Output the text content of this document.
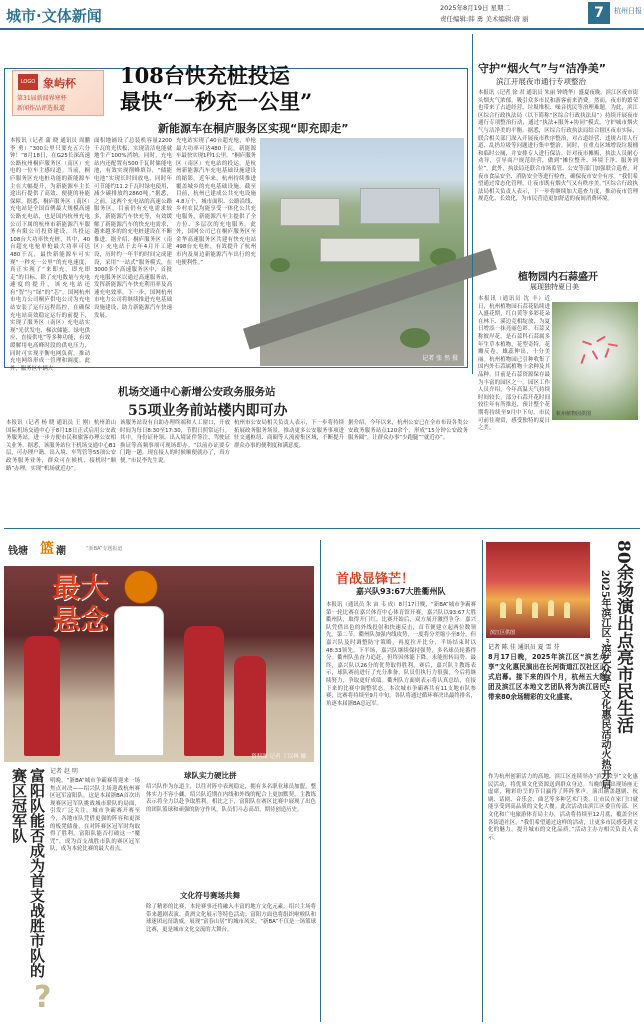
城市·文体新闻	2025年8月19日 星期二
责任编辑:韩 勇 美术编辑:唐 丽	7	杭州日报
LOGO 象屿杯
第31届新闻界寒杯
新闻作品评选报道
108台快充桩投运
最快“一秒充一公里”
新能源车在桐庐服务区实现“即充即走”
本报讯（记者 蒲 晓 通讯员 周鹏 李 勇）“300公里只要充五六分钟！”8月18日，在G25长深高速公路杭州桐庐服务区（南区）充电的一位车主感叹道。当前，桐庐服务区充电桩功能的新能源车主在大幅提升，为新能源车主长途出行提供了高效、便捷的补能保障。据悉，桐庐服务区（南区）充电站是全国首例最大规模高速公路充电站，也是国内杭州充电公司下属的杭州市新能源汽车服务有限公司投资建设，共投运108台大功率快充桩，其中，40台超充电枪单枪最大功率可达480千瓦，最快新能源车可实现“一秒充一公里”的充电速度，真正实现了“来即充，即充即走”的目标。除了充电数量与充电速度的提升，该充电站还有“智”与“绿”的“芯”。国网杭州市电力公司桐庐供电公司为充电站安装了运行远程监控，在确保充电站高效稳定运行的前提下，实现了服务区（南区）充电站实现“光伏发电、梯次储能、绿电供应、直接供电”等多种功能，有效缓解用电高峰时段的供电压力，同时可实现平衡电网负荷，推动充电网络形成一管理和调度。此外，服务区车辆大
面积地铺设了总装机容量2200千瓦的光伏板，实现清洁电能就地生产100%消纳。同时，充电站内还配置有500千瓦时储能电池，有效实现削峰填谷，“储能电池”实现长时间放电，同时年可节能约11.2千瓦时绿电使用，减少碳排放约2860吨。”据悉，之前，这两个充电站的高速公路服务区，目前仍有充电需求较多，新能源汽车快充等，有效缓解了新能源汽车的快充电需求，越来越多的的充电桩建设在不断推进。据介绍，桐庐服务区（南区）充电站于去年4月开工建设，历时约一年半的时间完成建设，采用“一站式”服务模式，在3000多个高速服务区中，首批充电服务区以通过高速服务站，发挥新能源汽车快充利用率及高速充电效率。下一步，国网杭州市电力公司将继续推进充电基础设施建设，助力新能源汽车快速发展。
充电站实现了40台超充枪，单枪最大功率可达480千瓦，新能源车最快实现1秒1公里。“桐庐服务区（南区）充电站的投运，是杭州新能源汽车充电基础设施建设的缩影。近年来，杭州持续推进覆盖城乡的充电基础设施，截至目前，杭州已建成公共充电设施4.8万个，城市面积、公路沿线、乡村农民均能享受一体化公共充电服务，新能源汽车主提供了全方位、多层次的充电服务。此外，国网公司已在桐庐服务区至金华高速服务区共建有快充电站498台充电桩，有效提升了杭州市内及周边新能源汽车出行的充电便利性。”
记者 张 然 摄
守护“烟火气”与“洁净美”
滨江开展夜市通行专项整治
本报讯（记者 徐 君 通讯员 朱丽 钟晓华）盛夏夜晚，滨江区夜市街头烟火气浓郁，吸引众多市民和游客前来消费。然而，夜市的繁荣也带来了占道经营、垃圾堆积、噪音扰民等治理难题。为此，滨江区综合行政执法局（以下简称“区综合行政执法局”）持续开展夜市通行专项整治行动，通过“执法+服务+协同”模式，守护城市烟火气与洁净美的平衡。据悉，区综合行政执法局结合辖区夜市实际，联合相关部门深入开展夜市秩序整治，对占道经营、违规占用人行道、乱扔垃圾等问题进行集中整治。同时，在重点区域增设垃圾桶和临时公厕，并安排专人进行保洁。针对夜市摊贩，执法人员耐心劝导，引导商户规范经营，做到“摊位整齐、环境干净、服务到位”。此外，执法局还联合市场监管、公安等部门加强联合巡查，对夜市食品安全、消防安全等进行检查，确保夜市安全有序。“我们希望通过常态化管理，让夜市既有烟火气又有秩序美。”区综合行政执法局相关负责人表示，下一步将继续加大巡查力度，推动夜市管理规范化、长效化，为市民营造更加舒适的夜间消费环境。
植物园内石蒜盛开
展现独特夏日美
本报讯（通讯员 沈 丰）近日，杭州植物园石蒜花陆续进入盛花期，红白黄等多彩花朵在林下、溪边竞相绽放，为夏日增添一抹亮丽色彩。石蒜又称彼岸花，是石蒜科石蒜属多年生草本植物，花型奇特，花瓣反卷，雄蕊伸出，十分美丽。杭州植物园已引种收集了国内外石蒜属植物十余种及其品种，目前是石蒜资源保存最为丰富的园区之一。园区工作人员介绍，今年高温天气持续时间较长，部分石蒜开花时间较往年有所推迟，预计整个花期将持续至9月中下旬。市民可前往观赏，感受独特的夏日之美。
杭州植物园供图
机场交通中心新增公安政务服务站
55项业务前站楼内即可办
本报讯（记者 杨 晓 通讯员 王 刚）杭州萧山国际机场交通中心于8月18日正式启用公安政务服务站，进一步方便市民和旅客办理公安相关业务。据悉，该服务站位于机场交通中心B1层，可办理户籍、出入境、车驾管等55项公安政务服务业务，群众可在候机、接机时“顺路”办理，实现“机场就近办”。
该服务站设有自助办理终端和人工窗口，开放时间为每日8:30至17:30，节假日照常运行。其中，身份证补领、出入境证件签注、驾驶证换证等高频事项可现场即办。“以前办证要专门跑一趟，现在接人的时候顺便就办了，真方便。”市民李先生说。
杭州市公安局相关负责人表示，下一步将持续拓展政务服务场景，推动更多公安服务事项进驻交通枢纽、商圈等人流密集区域，不断提升群众办事的便利度和满意度。
据介绍，今年以来，杭州公安已在全市布设各类公安政务服务站点120余个，形成“15分钟公安政务服务圈”，让群众办事“少跑腿”“就近办”。
钱塘 篮 潮	“新BA”专题报道
资料图 记者 丁以琪 摄
最大悬念
记者 赵 明
富阳队能否成为首支战胜市队的赛区冠军队
?
明晚，“浙BA”城市争霸赛将迎来一场焦点对决——绍兴队主场迎战杭州赛区冠军富阳队。这是本届浙BA首次出现赛区冠军队挑战城市联队的局面，引发广泛关注。城市争霸赛开赛至今，各地市队凭借更强的阵容和更深的板凳储备，在对阵赛区冠军时均取得了胜利。富阳队能否打破这一“魔咒”，成为首支战胜市队的赛区冠军队，成为本轮比赛的最大看点。
球队实力硬比拼
绍兴队作为东道主，以往对阵中表现稳定，拥有多名职业球员加盟，整体实力不容小觑。绍兴队近期在内线和外线的配合上更加默契，主教练表示将全力以赴争取胜利。相比之下，富阳队在赛区比赛中展现了出色的团队篮球和顽强的防守作风，队员们斗志高昂，期待创造历史。
文化符号赛场共舞
除了精彩的比赛，本轮赛事还将融入丰富的地方文化元素。绍兴主场将带来越剧表演、黄酒文化展示等特色活动；富阳方面也将组织啦啦队和球迷团远征助威，展现“富春山居”的城市风采。“新BA”不仅是一场篮球比赛，更是城市文化交流的大舞台。
首战显锋芒！
嘉兴队93:67大胜衢州队
本报讯（通讯员 朱 宙 韦 成）8月17日晚，“新BA”城市争霸赛第一轮比赛在嘉兴体育中心体育馆开赛，嘉兴队以93:67大胜衢州队，取得开门红。比赛开始后，双方展开激烈争夺。嘉兴队凭借出色的外线投射和快速反击，首节便建立起两位数领先。第二节，衢州队加强内线攻势，一度将分差缩小至8分，但嘉兴队及时调整防守策略，再度拉开比分，半场结束时以48:33领先。下半场，嘉兴队继续保持强势，多名球员轮番得分。衢州队虽奋力追赶，但终因体能下降，未能扭转局势。最终，嘉兴队以26分的优势取得胜利。赛后，嘉兴队主教练表示，球队赛前进行了充分准备，队员们执行力很强，今后将继续努力，争取更好成绩。衢州队方面则表示将认真总结，在接下来的比赛中调整状态。本次城市争霸赛共有11支地市队参赛，比赛将持续至9月中旬。各队将通过循环赛决出最终排名，角逐本届浙BA总冠军。
滨江区供图	80余场演出点亮市民生活
2025年滨江区“滨艺众享”文化惠民活动火热开启
记者 陈 佳 通讯员 夏 雪 芬
8月17日晚，2025年滨江区“滨艺众享”文化惠民演出在长河街道江汉社区正式启幕。接下来的四个月，杭州五大院团及滨江区本地文艺团队将为滨江居民带来80余场精彩的文化盛宴。
作为杭州创新活力的高地，滨江区连续举办“滨艺众享”文化惠民活动，将优质文化资源送到群众身边。当晚的演出现场座无虚席，精彩纷呈的节目赢得了阵阵掌声。演出涵盖越剧、杭剧、话剧、音乐会、曲艺等多种艺术门类，让市民在家门口就能享受到高品质的文化大餐。此次活动由滨江区委宣传部、区文化和广电旅游体育局主办，活动将持续至12月底，覆盖全区各街道社区。“我们希望通过这样的活动，让更多市民感受到文化的魅力，提升城市的文化品质。”活动主办方相关负责人表示。
